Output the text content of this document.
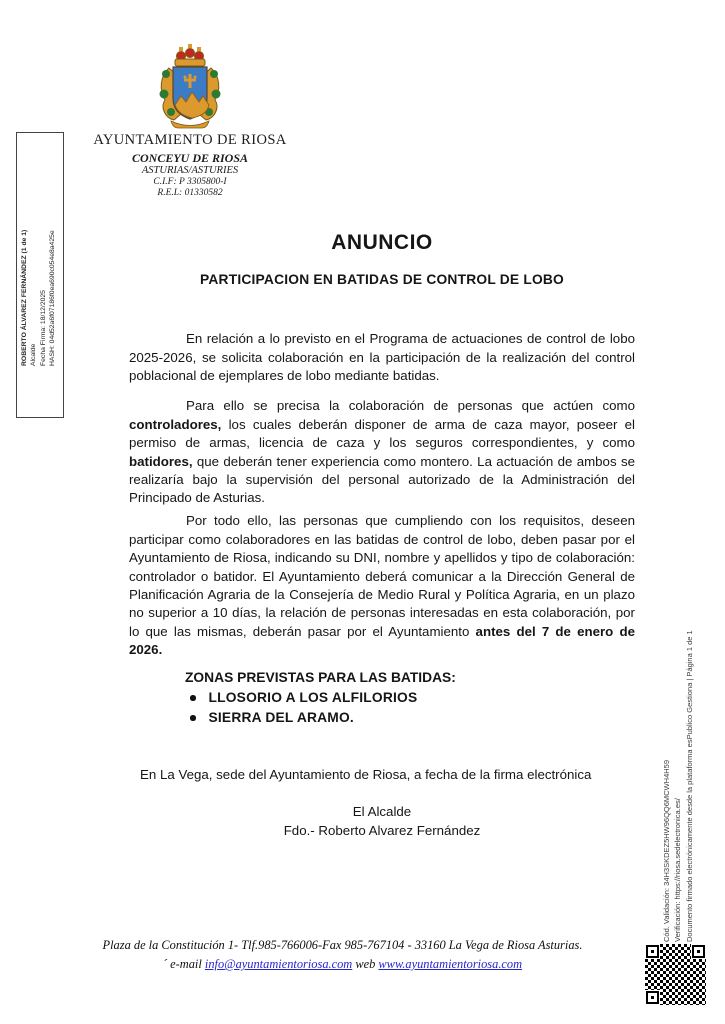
AYUNTAMIENTO DE RIOSA
CONCEYU DE RIOSA
ASTURIAS/ASTURIES
C.I.F: P 3305800-I
R.E.L: 01330582
ROBERTO ÁLVAREZ FERNÁNDEZ (1 de 1) Alcalde Fecha Firma: 18/12/2025 HASH: 04d52a6f07186f0ea690c054e8a425e	ANUNCIO
PARTICIPACION EN BATIDAS DE CONTROL DE LOBO

En relación a lo previsto en el Programa de actuaciones de control de lobo 2025-2026, se solicita colaboración en la participación de la realización del control poblacional de ejemplares de lobo mediante batidas.

Para ello se precisa la colaboración de personas que actúen como controladores, los cuales deberán disponer de arma de caza mayor, poseer el permiso de armas, licencia de caza y los seguros correspondientes, y como batidores, que deberán tener experiencia como montero. La actuación de ambos se realizaría bajo la supervisión del personal autorizado de la Administración del Principado de Asturias.

Por todo ello, las personas que cumpliendo con los requisitos, deseen participar como colaboradores en las batidas de control de lobo, deben pasar por el Ayuntamiento de Riosa, indicando su DNI, nombre y apellidos y tipo de colaboración: controlador o batidor. El Ayuntamiento deberá comunicar a la Dirección General de Planificación Agraria de la Consejería de Medio Rural y Política Agraria, en un plazo no superior a 10 días, la relación de personas interesadas en esta colaboración, por lo que las mismas, deberán pasar por el Ayuntamiento antes del 7 de enero de 2026.

ZONAS PREVISTAS PARA LAS BATIDAS:
LLOSORIO A LOS ALFILORIOS
SIERRA DEL ARAMO.

En La Vega, sede del Ayuntamiento de Riosa, a fecha de la firma electrónica

El Alcalde
Fdo.- Roberto Alvarez Fernández	Cód. Validación: 34H3SKDEZ5HW96QQ6MCWH4H59 Verificación: https://riosa.sedelectronica.es/ Documento firmado electrónicamente desde la plataforma esPublico Gestiona | Página 1 de 1
Plaza de la Constitución 1- Tlf.985-766006-Fax 985-767104 - 33160 La Vega de Riosa Asturias.
´ e-mail info@ayuntamientoriosa.com web www.ayuntamientoriosa.com
